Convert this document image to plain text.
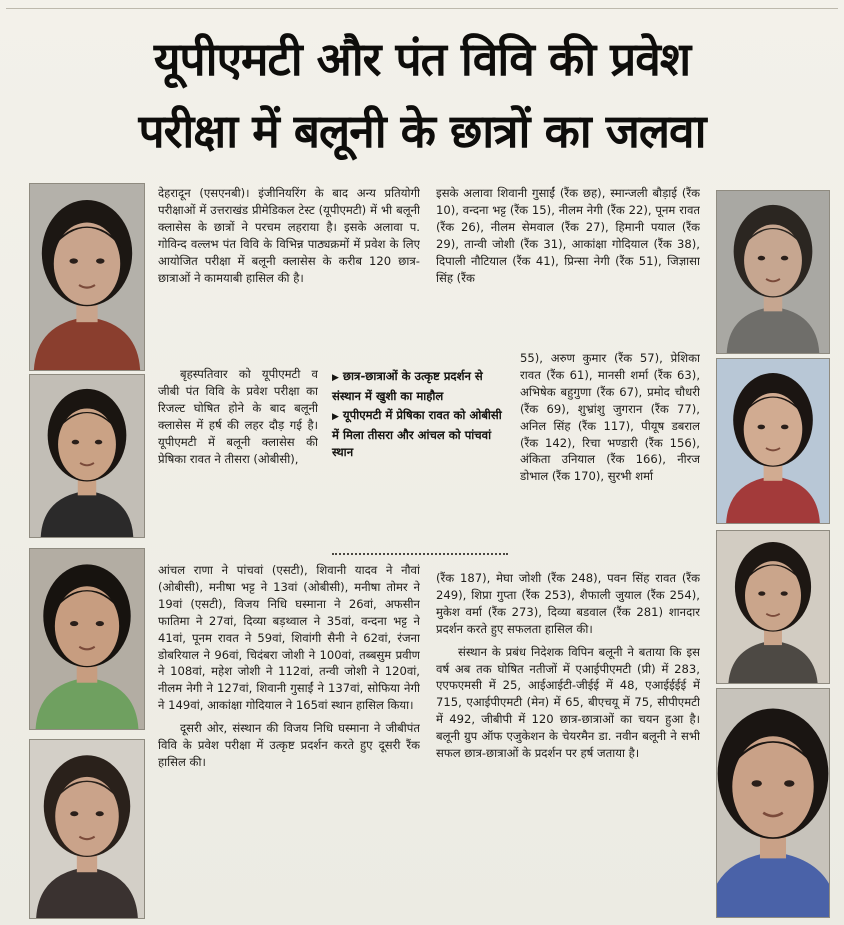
यूपीएमटी और पंत विवि की प्रवेश
परीक्षा में बलूनी के छात्रों का जलवा

देहरादून (एसएनबी)। इंजीनियरिंग के बाद अन्य प्रतियोगी परीक्षाओं में उत्तराखंड प्रीमेडिकल टेस्ट (यूपीएमटी) में भी बलूनी क्लासेस के छात्रों ने परचम लहराया है। इसके अलावा प. गोविन्द वल्लभ पंत विवि के विभिन्न पाठ्यक्रमों में प्रवेश के लिए आयोजित परीक्षा में बलूनी क्लासेस के करीब 120 छात्र-छात्राओं ने कामयाबी हासिल की है।

बृहस्पतिवार को यूपीएमटी व जीबी पंत विवि के प्रवेश परीक्षा का रिजल्ट घोषित होने के बाद बलूनी क्लासेस में हर्ष की लहर दौड़ गई है। यूपीएमटी में बलूनी क्लासेस की प्रेषिका रावत ने तीसरा (ओबीसी),

आंचल राणा ने पांचवां (एसटी), शिवानी यादव ने नौवां (ओबीसी), मनीषा भट्ट ने 13वां (ओबीसी), मनीषा तोमर ने 19वां (एसटी), विजय निधि घस्माना ने 26वां, अफसीन फातिमा ने 27वां, दिव्या बड़थ्वाल ने 35वां, वन्दना भट्ट ने 41वां, पूनम रावत ने 59वां, शिवांगी सैनी ने 62वां, रंजना डोबरियाल ने 96वां, चिदंबरा जोशी ने 100वां, तब्बसुम प्रवीण ने 108वां, महेश जोशी ने 112वां, तन्वी जोशी ने 120वां, नीलम नेगी ने 127वां, शिवानी गुसाईं ने 137वां, सोफिया नेगी ने 149वां, आकांक्षा गोदियाल ने 165वां स्थान हासिल किया।

दूसरी ओर, संस्थान की विजय निधि घस्माना ने जीबीपंत विवि के प्रवेश परीक्षा में उत्कृष्ट प्रदर्शन करते हुए दूसरी रैंक हासिल की।

▶ छात्र-छात्राओं के उत्कृष्ट प्रदर्शन से संस्थान में खुशी का माहौल

▶ यूपीएमटी में प्रेषिका रावत को ओबीसी में मिला तीसरा और आंचल को पांचवां स्थान

इसके अलावा शिवानी गुसाईं (रैंक छह), स्मान्जली बौड़ाई (रैंक 10), वन्दना भट्ट (रैंक 15), नीलम नेगी (रैंक 22), पूनम रावत (रैंक 26), नीलम सेमवाल (रैंक 27), हिमानी पयाल (रैंक 29), तान्वी जोशी (रैंक 31), आकांक्षा गोदियाल (रैंक 38), दिपाली नौटियाल (रैंक 41), प्रिन्सा नेगी (रैंक 51), जिज्ञासा सिंह (रैंक

55), अरुण कुमार (रैंक 57), प्रेशिका रावत (रैंक 61), मानसी शर्मा (रैंक 63), अभिषेक बहुगुणा (रैंक 67), प्रमोद चौधरी (रैंक 69), शुभ्रांशु जुगरान (रैंक 77), अनिल सिंह (रैंक 117), पीयूष डबराल (रैंक 142), रिचा भण्डारी (रैंक 156), अंकिता उनियाल (रैंक 166), नीरज डोभाल (रैंक 170), सुरभी शर्मा

(रैंक 187), मेघा जोशी (रैंक 248), पवन सिंह रावत (रैंक 249), शिप्रा गुप्ता (रैंक 253), शैफाली जुयाल (रैंक 254), मुकेश वर्मा (रैंक 273), दिव्या बडवाल (रैंक 281) शानदार प्रदर्शन करते हुए सफलता हासिल की।

संस्थान के प्रबंध निदेशक विपिन बलूनी ने बताया कि इस वर्ष अब तक घोषित नतीजों में एआईपीएमटी (प्री) में 283, एएफएमसी में 25, आईआईटी-जीईई में 48, एआईईईई में 715, एआईपीएमटी (मेन) में 65, बीएचयू में 75, सीपीएमटी में 492, जीबीपी में 120 छात्र-छात्राओं का चयन हुआ है। बलूनी ग्रुप ऑफ एजुकेशन के चेयरमैन डा. नवीन बलूनी ने सभी सफल छात्र-छात्राओं के प्रदर्शन पर हर्ष जताया है।
